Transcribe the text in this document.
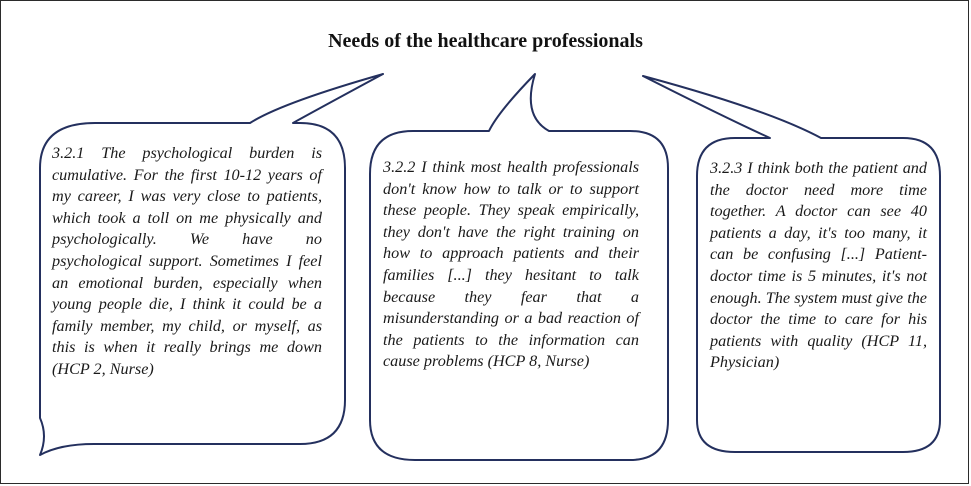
Needs of the healthcare professionals

3.2.1 The psychological burden is cumulative. For the first 10-12 years of my career, I was very close to patients, which took a toll on me physically and psychologically. We have no psychological support. Sometimes I feel an emotional burden, especially when young people die, I think it could be a family member, my child, or myself, as this is when it really brings me down (HCP 2, Nurse)

3.2.2 I think most health professionals don't know how to talk or to support these people. They speak empirically, they don't have the right training on how to approach patients and their families [...] they hesitant to talk because they fear that a misunderstanding or a bad reaction of the patients to the information can cause problems (HCP 8, Nurse)

3.2.3 I think both the patient and the doctor need more time together. A doctor can see 40 patients a day, it's too many, it can be confusing [...] Patient-doctor time is 5 minutes, it's not enough. The system must give the doctor the time to care for his patients with quality (HCP 11, Physician)
